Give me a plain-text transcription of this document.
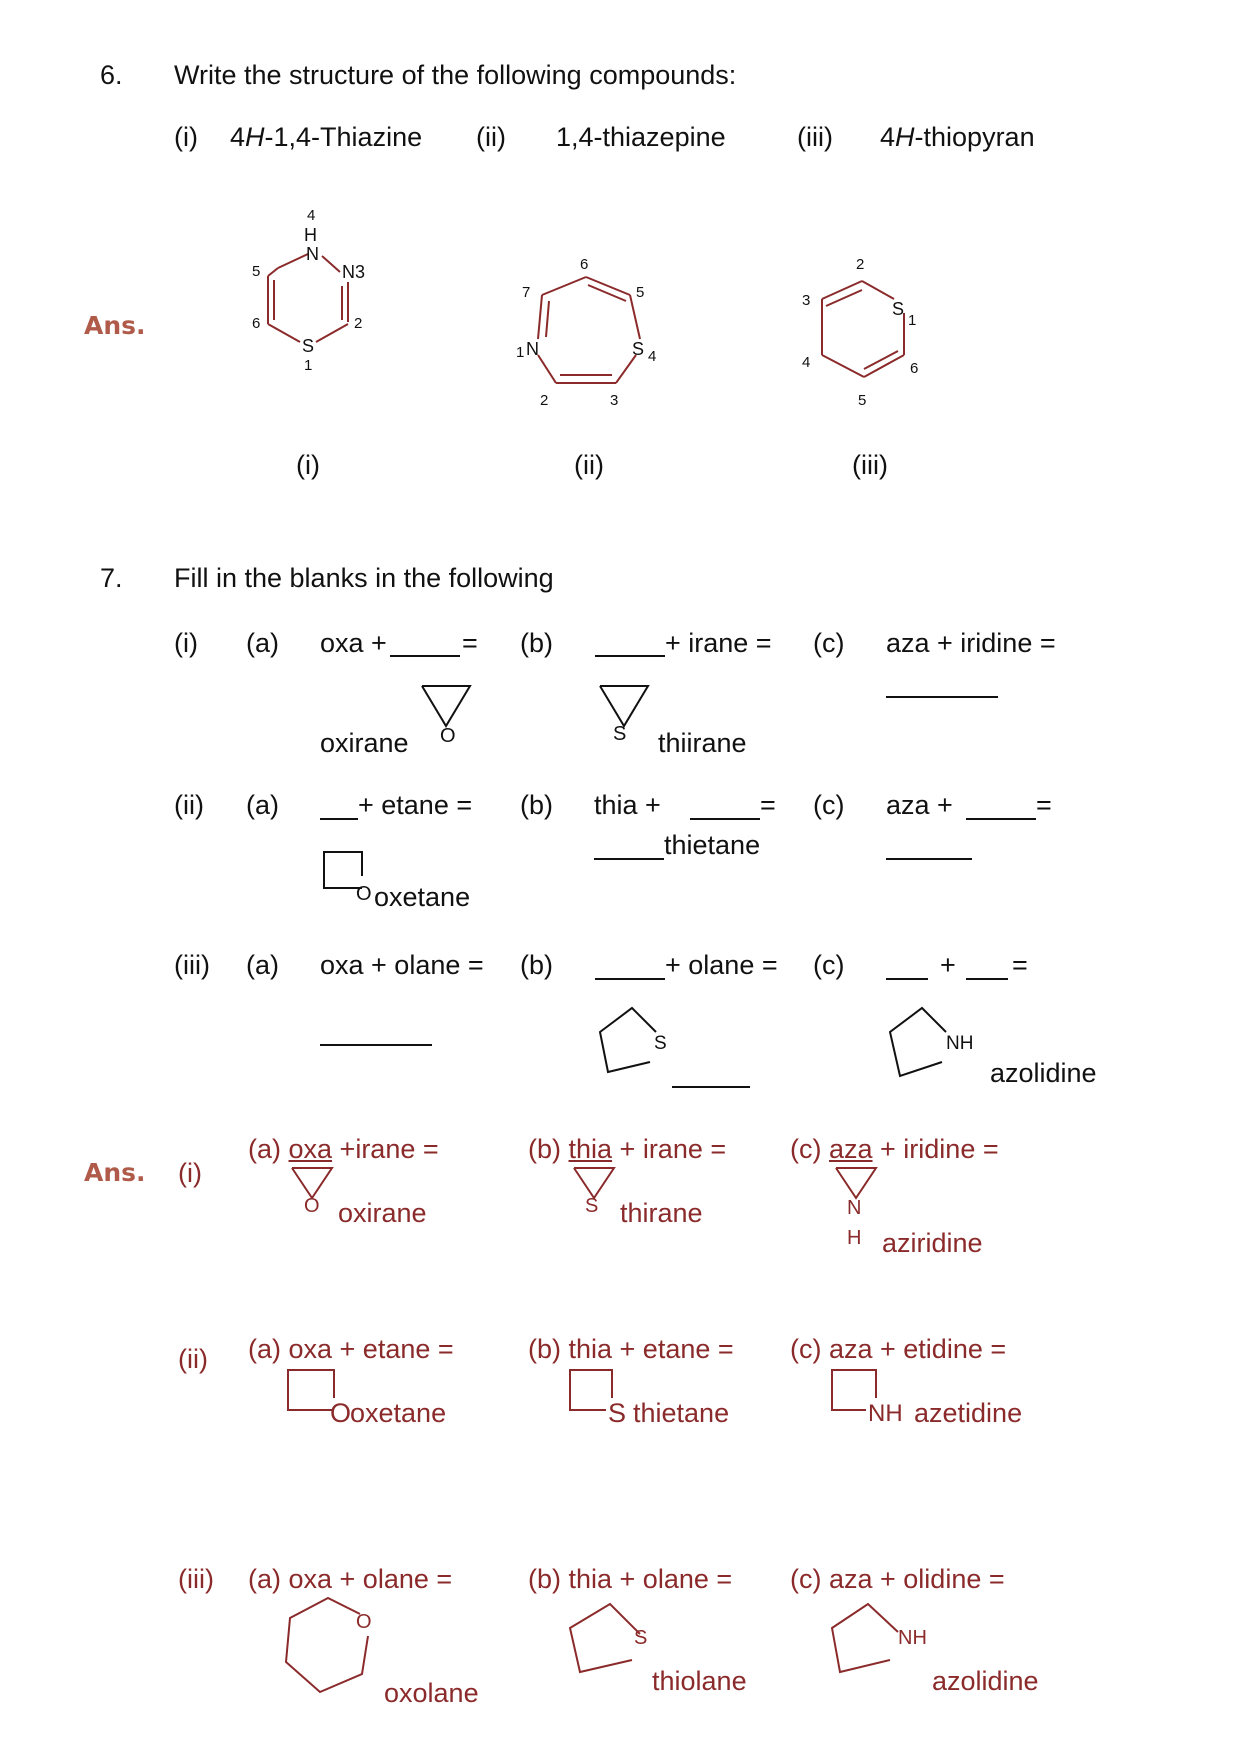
6. Write the structure of the following compounds:
(i) 4H-1,4-Thiazine (ii) 1,4-thiazepine	(iii) 4H-thiopyran
Ans.
4
H
N
N3
5
6	2
S
1
6
5
7
1 N	S 4
2	3
2
3	S
1
4	6
5
(i)	(ii)	(iii)
7. Fill in the blanks in the following
(i) (a) oxa +	=
O
oxirane
(b)	+ irane =
S thiirane
(c) aza + iridine =
(ii) (a)	+ etane =
O oxetane
(b) thia +	=
thietane
(c) aza +	=
(iii) (a) oxa + olane = (b)	+ olane =
S
(c)	+ =
NH
azolidine
Ans. (i)
(a) oxa +irane =
O oxirane
(b) thia + irane =
S thirane
(c) aza + iridine =
N
H aziridine
(ii) (a) oxa + etane =
O
oxetane
(b) thia + etane =
S thietane
(c) aza + etidine =
NH azetidine
(iii) (a) oxa + olane =
O
oxolane
(b) thia + olane =
S
thiolane
(c) aza + olidine =
NH
azolidine
